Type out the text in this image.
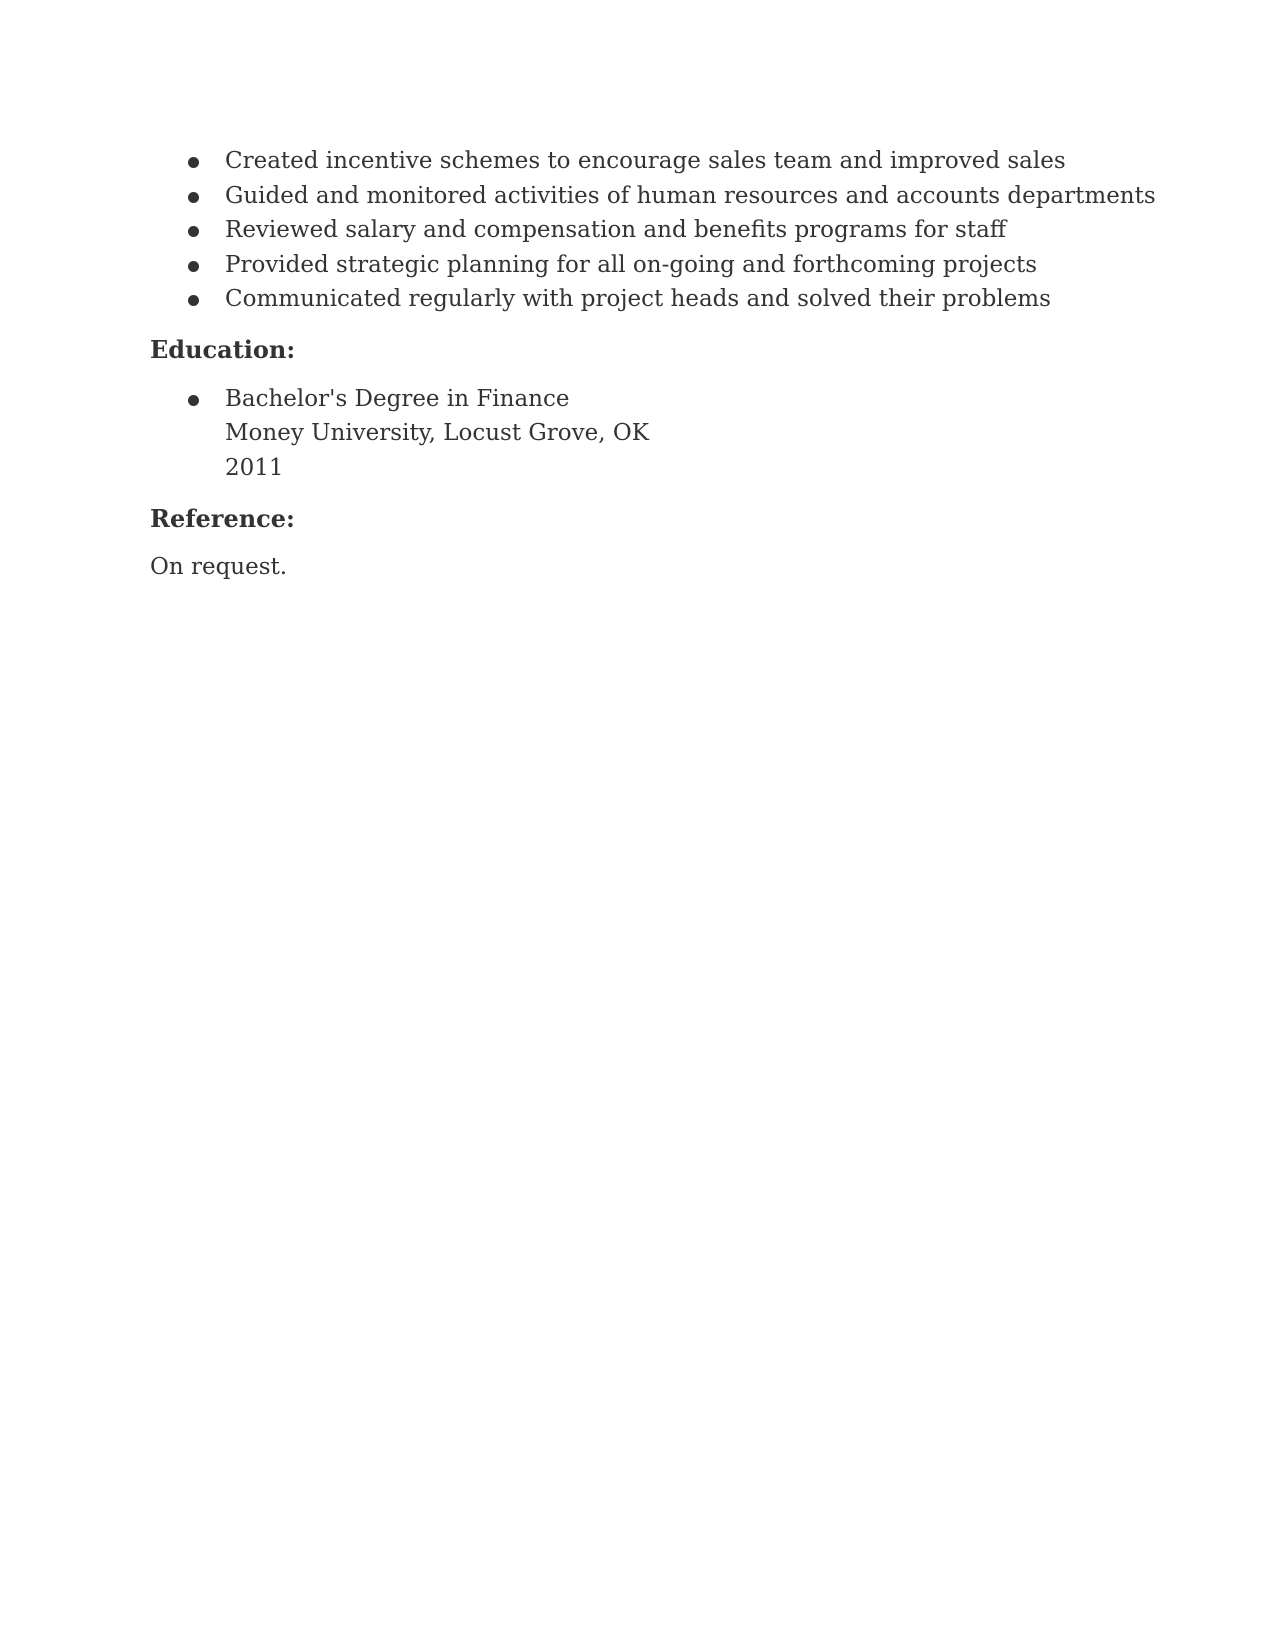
Created incentive schemes to encourage sales team and improved sales
Guided and monitored activities of human resources and accounts departments
Reviewed salary and compensation and benefits programs for staff
Provided strategic planning for all on-going and forthcoming projects
Communicated regularly with project heads and solved their problems
Education:
Bachelor's Degree in Finance
Money University, Locust Grove, OK
2011
Reference:

On request.
